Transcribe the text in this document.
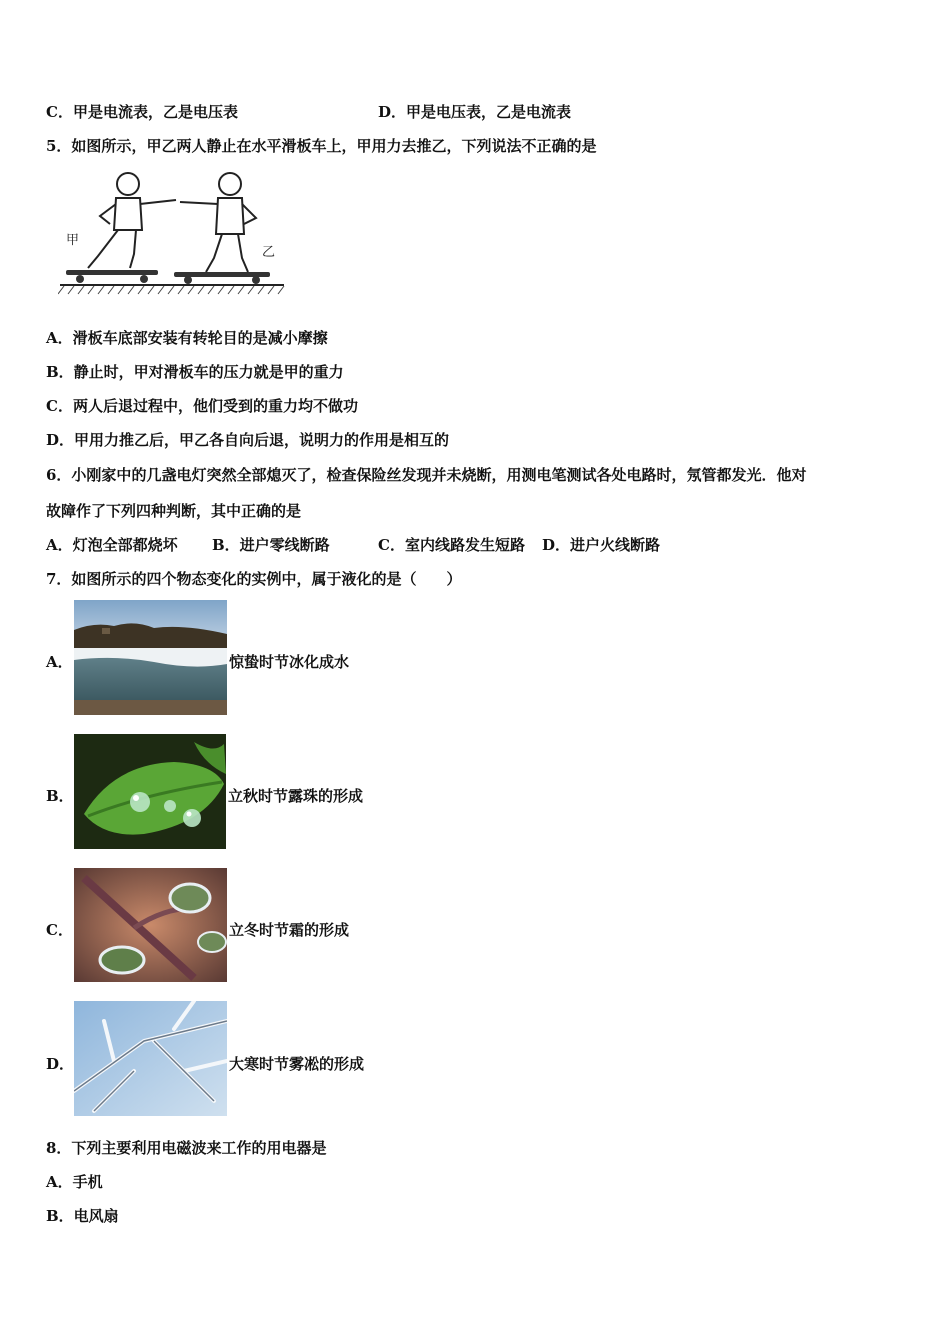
C．甲是电流表，乙是电压表	D．甲是电压表，乙是电流表
5．如图所示，甲乙两人静止在水平滑板车上，甲用力去推乙，下列说法不正确的是
甲
乙
A．滑板车底部安装有转轮目的是减小摩擦
B．静止时，甲对滑板车的压力就是甲的重力
C．两人后退过程中，他们受到的重力均不做功
D．甲用力推乙后，甲乙各自向后退，说明力的作用是相互的
6．小刚家中的几盏电灯突然全部熄灭了，检查保险丝发现并未烧断，用测电笔测试各处电路时，氖管都发光．他对
故障作了下列四种判断，其中正确的是
A．灯泡全部都烧坏 B．进户零线断路	C．室内线路发生短路 D．进户火线断路
7．如图所示的四个物态变化的实例中，属于液化的是（　　）
A．	惊蛰时节冰化成水
B．	立秋时节露珠的形成
C．	立冬时节霜的形成
D．	大寒时节雾凇的形成
8．下列主要利用电磁波来工作的用电器是
A．手机
B．电风扇
